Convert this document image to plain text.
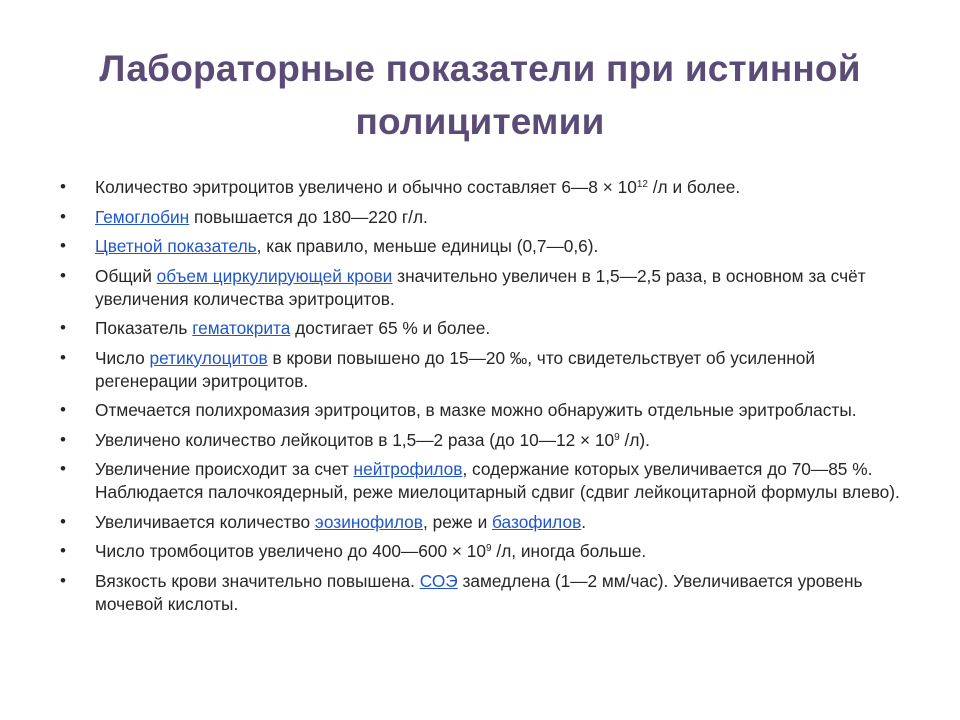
Лабораторные показатели при истинной
полицитемии
• Количество эритроцитов увеличено и обычно составляет 6—8 × $10^{12}$ /л и более.
• Гемоглобин повышается до 180—220 г/л.
• Цветной показатель, как правило, меньше единицы (0,7—0,6).
• Общий объем циркулирующей крови значительно увеличен в 1,5—2,5 раза, в основном за счёт увеличения количества эритроцитов.
• Показатель гематокрита достигает 65 % и более.
• Число ретикулоцитов в крови повышено до 15—20 ‰, что свидетельствует об усиленной регенерации эритроцитов.
• Отмечается полихромазия эритроцитов, в мазке можно обнаружить отдельные эритробласты.
• Увеличено количество лейкоцитов в 1,5—2 раза (до 10—12 × $10^9$ /л).
• Увеличение происходит за счет нейтрофилов, содержание которых увеличивается до 70—85 %. Наблюдается палочкоядерный, реже миелоцитарный сдвиг (сдвиг лейкоцитарной формулы влево).
• Увеличивается количество эозинофилов, реже и базофилов.
• Число тромбоцитов увеличено до 400—600 × $10^9$ /л, иногда больше.
• Вязкость крови значительно повышена. СОЭ замедлена (1—2 мм/час). Увеличивается уровень мочевой кислоты.
